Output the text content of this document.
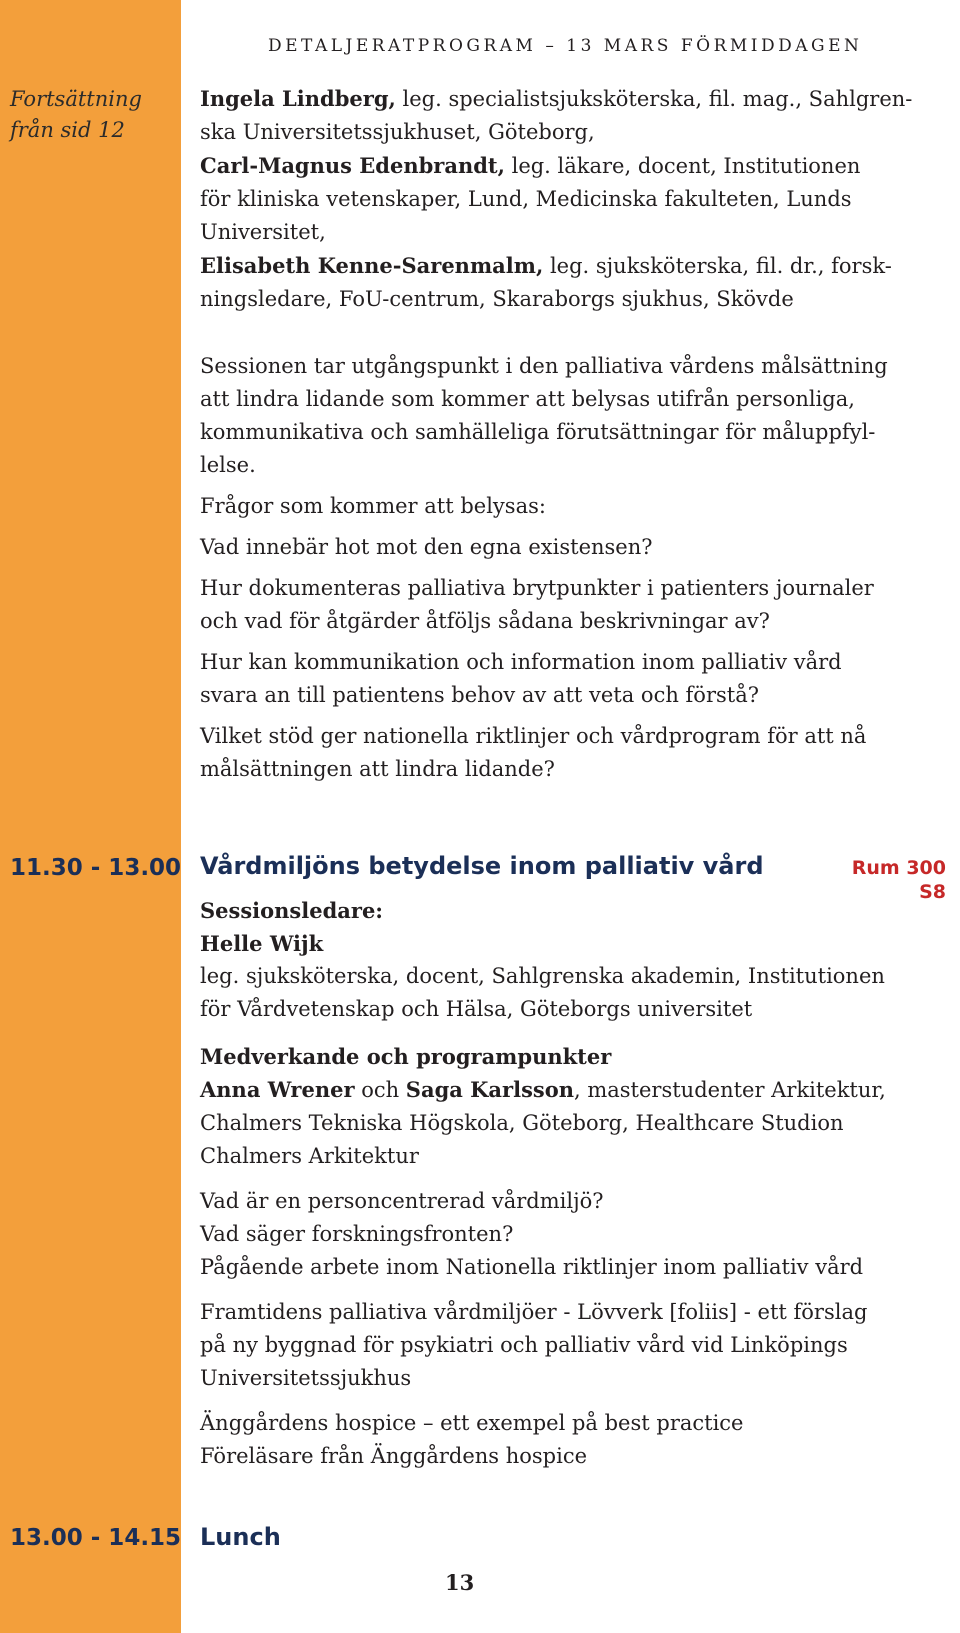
DETALJERATPROGRAM – 13 MARS FÖRMIDDAGEN
Fortsättning
från sid 12

Ingela Lindberg, leg. specialistsjuksköterska, fil. mag., Sahlgren-

ska Universitetssjukhuset, Göteborg,

Carl-Magnus Edenbrandt, leg. läkare, docent, Institutionen

för kliniska vetenskaper, Lund, Medicinska fakulteten, Lunds

Universitet,

Elisabeth Kenne-Sarenmalm, leg. sjuksköterska, fil. dr., forsk-

ningsledare, FoU-centrum, Skaraborgs sjukhus, Skövde

Sessionen tar utgångspunkt i den palliativa vårdens målsättning

att lindra lidande som kommer att belysas utifrån personliga,

kommunikativa och samhälleliga förutsättningar för måluppfyl-

lelse.

Frågor som kommer att belysas:

Vad innebär hot mot den egna existensen?

Hur dokumenteras palliativa brytpunkter i patienters journaler

och vad för åtgärder åtföljs sådana beskrivningar av?

Hur kan kommunikation och information inom palliativ vård

svara an till patientens behov av att veta och förstå?

Vilket stöd ger nationella riktlinjer och vårdprogram för att nå

målsättningen att lindra lidande?

11.30 - 13.00 Vårdmiljöns betydelse inom palliativ vård	Rum 300
S8

Sessionsledare:

Helle Wijk

leg. sjuksköterska, docent, Sahlgrenska akademin, Institutionen

för Vårdvetenskap och Hälsa, Göteborgs universitet

Medverkande och programpunkter

Anna Wrener och Saga Karlsson, masterstudenter Arkitektur,

Chalmers Tekniska Högskola, Göteborg, Healthcare Studion

Chalmers Arkitektur

Vad är en personcentrerad vårdmiljö?

Vad säger forskningsfronten?

Pågående arbete inom Nationella riktlinjer inom palliativ vård

Framtidens palliativa vårdmiljöer - Lövverk [foliis] - ett förslag

på ny byggnad för psykiatri och palliativ vård vid Linköpings

Universitetssjukhus

Änggårdens hospice – ett exempel på best practice

Föreläsare från Änggårdens hospice

13.00 - 14.15 Lunch
13
